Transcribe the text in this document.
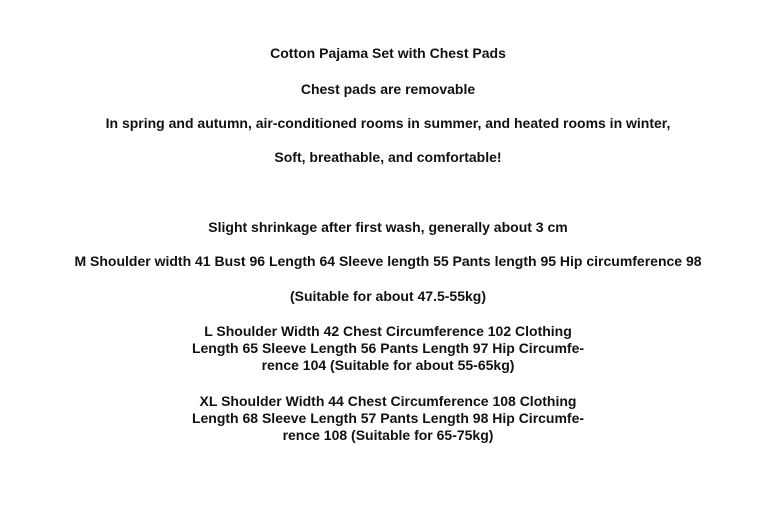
Cotton Pajama Set with Chest Pads
Chest pads are removable
In spring and autumn, air-conditioned rooms in summer, and heated rooms in winter,
Soft, breathable, and comfortable!
Slight shrinkage after first wash, generally about 3 cm
M Shoulder width 41 Bust 96 Length 64 Sleeve length 55 Pants length 95 Hip circumference 98
(Suitable for about 47.5-55kg)
L Shoulder Width 42 Chest Circumference 102 Clothing
Length 65 Sleeve Length 56 Pants Length 97 Hip Circumfe-
rence 104 (Suitable for about 55-65kg)
XL Shoulder Width 44 Chest Circumference 108 Clothing
Length 68 Sleeve Length 57 Pants Length 98 Hip Circumfe-
rence 108 (Suitable for 65-75kg)
